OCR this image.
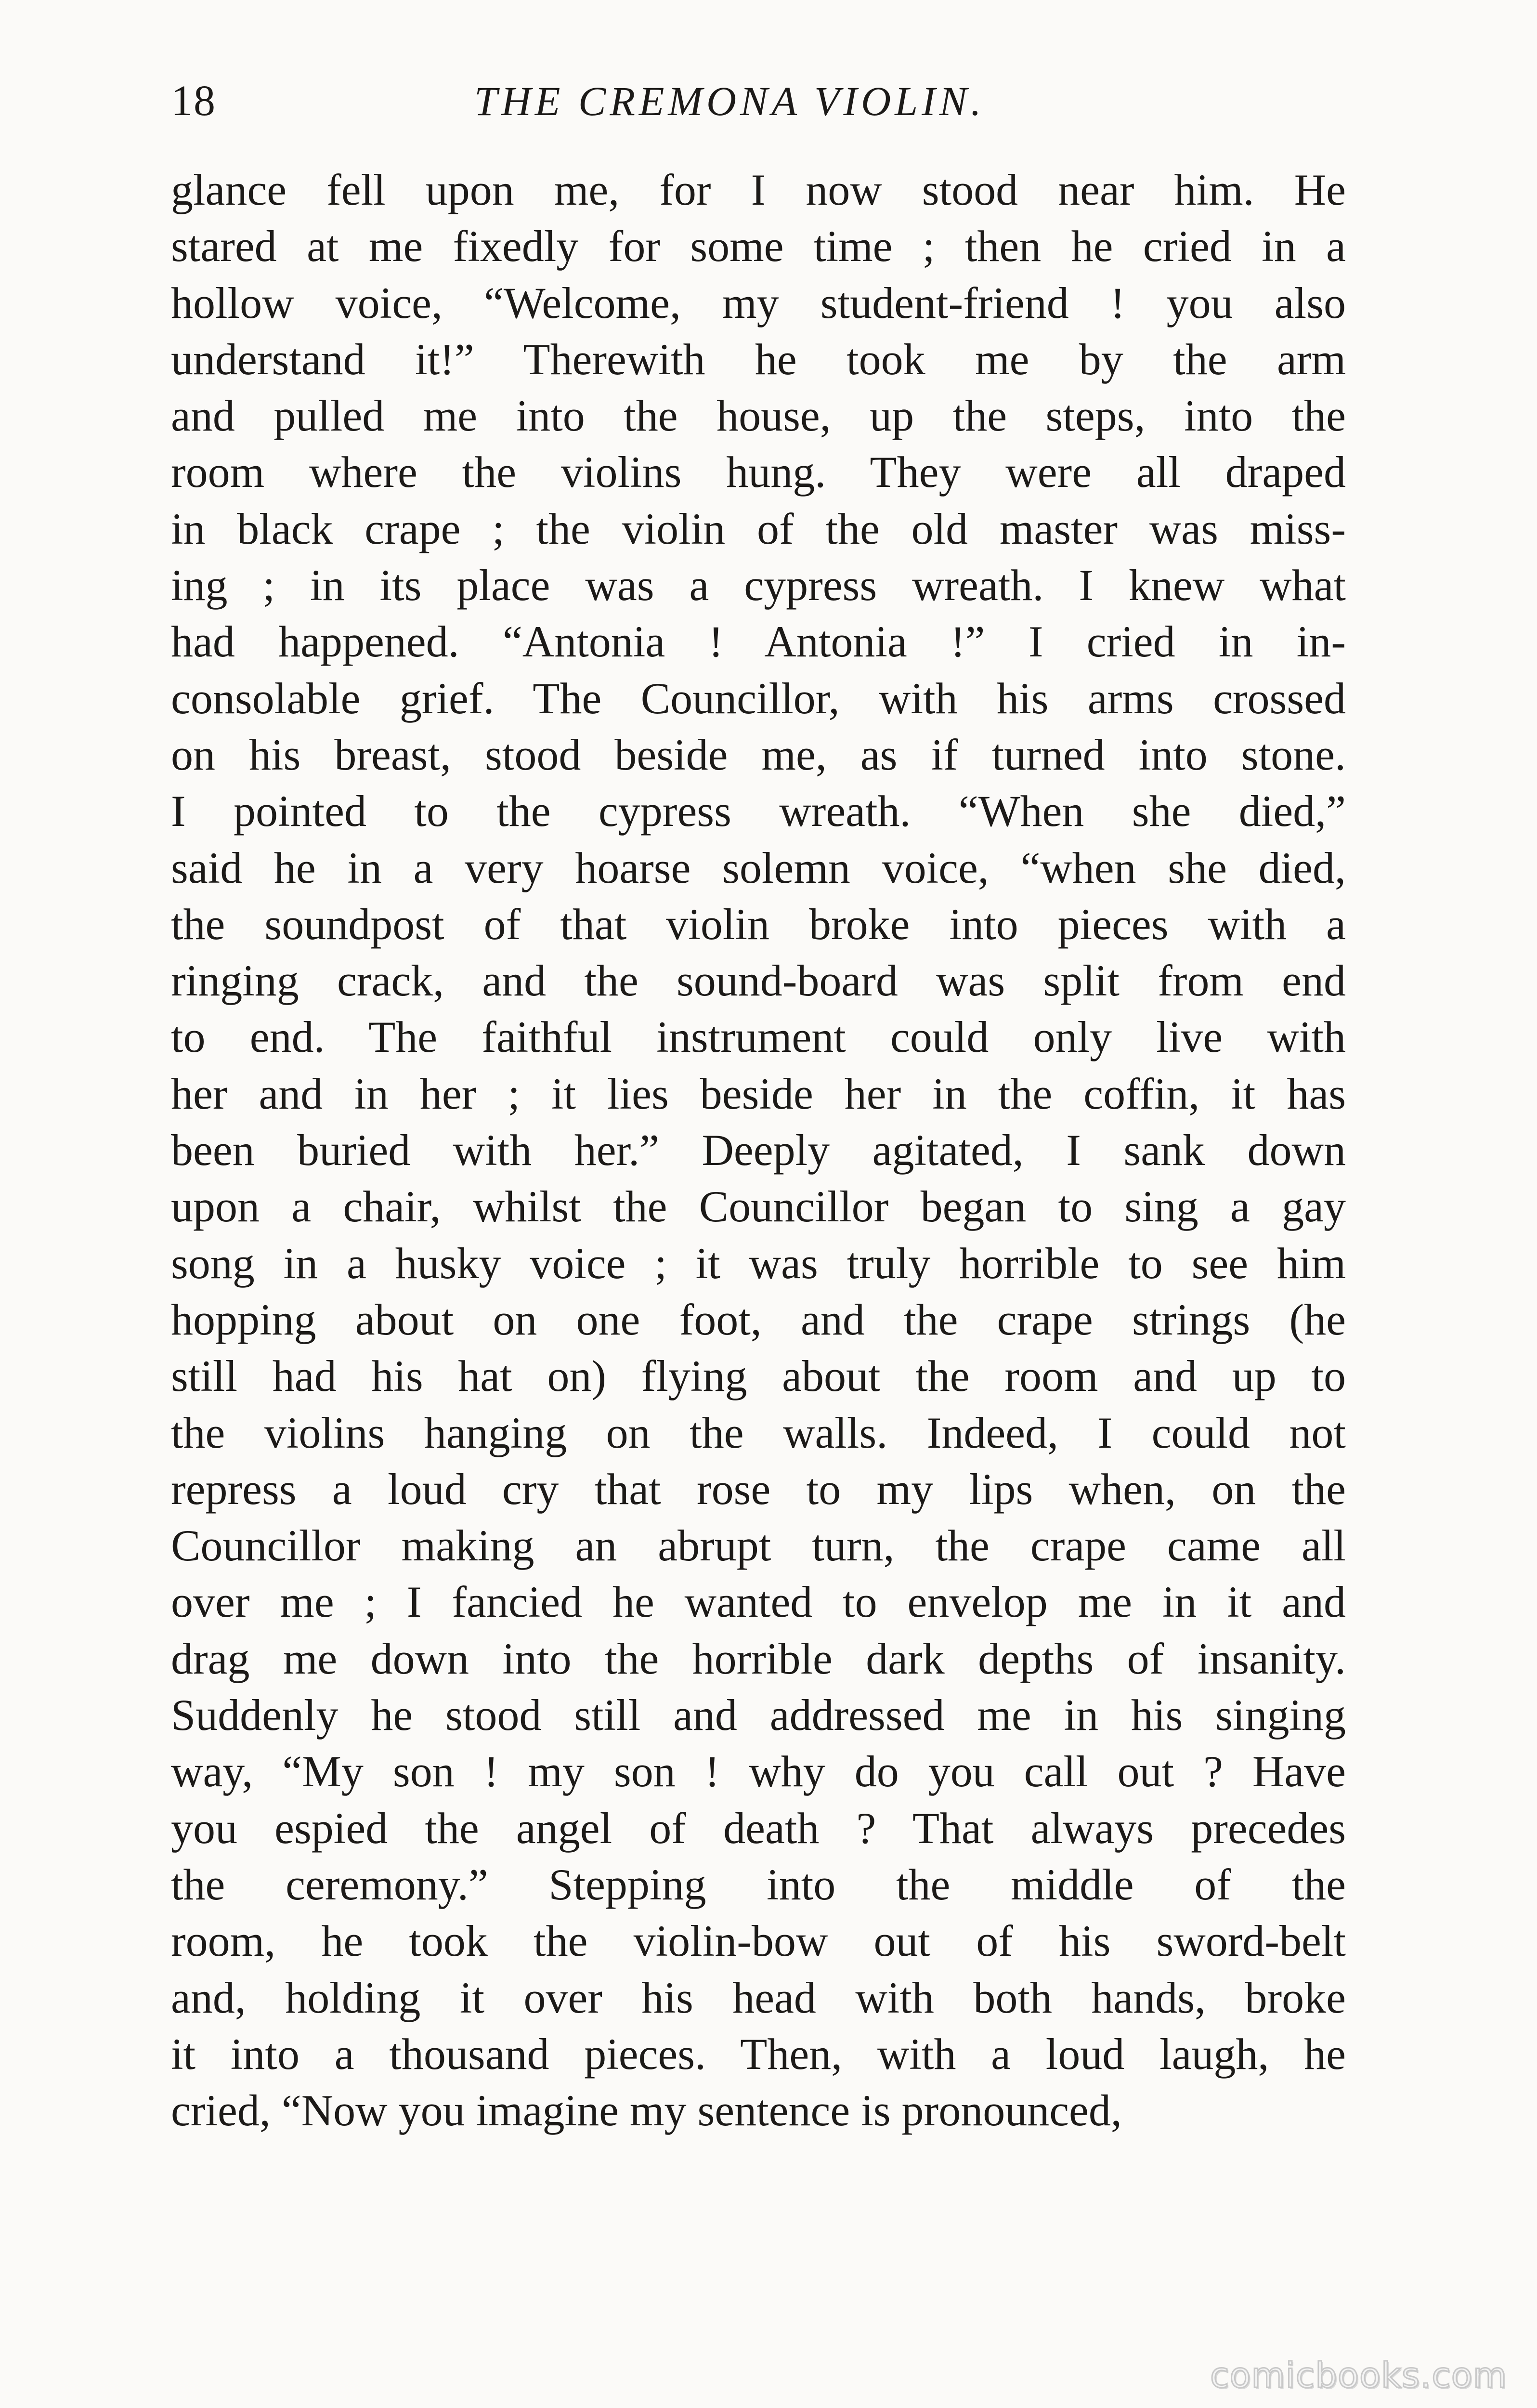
18	THE CREMONA VIOLIN.
glance fell upon me, for I now stood near him. He
stared at me fixedly for some time ; then he cried in a
hollow voice, “Welcome, my student-friend ! you also
understand it!” Therewith he took me by the arm
and pulled me into the house, up the steps, into the
room where the violins hung. They were all draped
in black crape ; the violin of the old master was miss-
ing ; in its place was a cypress wreath. I knew what
had happened. “Antonia ! Antonia !” I cried in in-
consolable grief. The Councillor, with his arms crossed
on his breast, stood beside me, as if turned into stone.
I pointed to the cypress wreath. “When she died,”
said he in a very hoarse solemn voice, “when she died,
the soundpost of that violin broke into pieces with a
ringing crack, and the sound-board was split from end
to end. The faithful instrument could only live with
her and in her ; it lies beside her in the coffin, it has
been buried with her.” Deeply agitated, I sank down
upon a chair, whilst the Councillor began to sing a gay
song in a husky voice ; it was truly horrible to see him
hopping about on one foot, and the crape strings (he
still had his hat on) flying about the room and up to
the violins hanging on the walls. Indeed, I could not
repress a loud cry that rose to my lips when, on the
Councillor making an abrupt turn, the crape came all
over me ; I fancied he wanted to envelop me in it and
drag me down into the horrible dark depths of insanity.
Suddenly he stood still and addressed me in his singing
way, “My son ! my son ! why do you call out ? Have
you espied the angel of death ? That always precedes
the ceremony.” Stepping into the middle of the
room, he took the violin-bow out of his sword-belt
and, holding it over his head with both hands, broke
it into a thousand pieces. Then, with a loud laugh, he
cried, “Now you imagine my sentence is pronounced,
comicbooks.com
